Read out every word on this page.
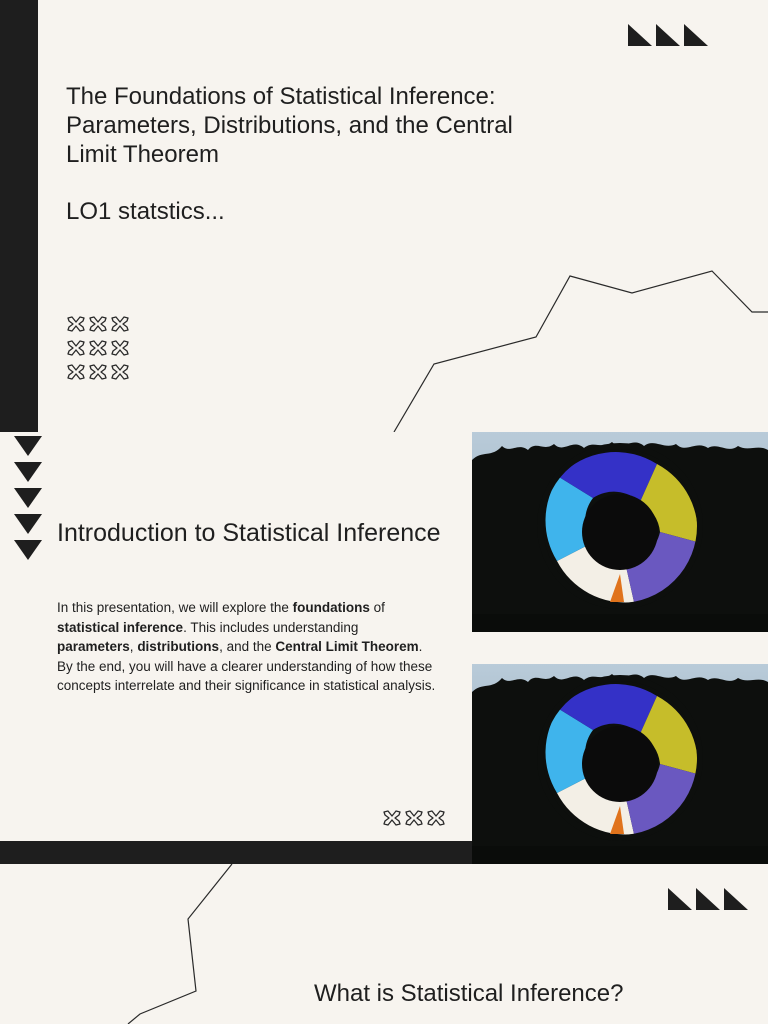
The Foundations of Statistical Inference: Parameters, Distributions, and the Central Limit Theorem
LO1 statstics...
Introduction to Statistical Inference

In this presentation, we will explore the foundations of statistical inference. This includes understanding parameters, distributions, and the Central Limit Theorem. By the end, you will have a clearer understanding of how these concepts interrelate and their significance in statistical analysis.

What is Statistical Inference?
